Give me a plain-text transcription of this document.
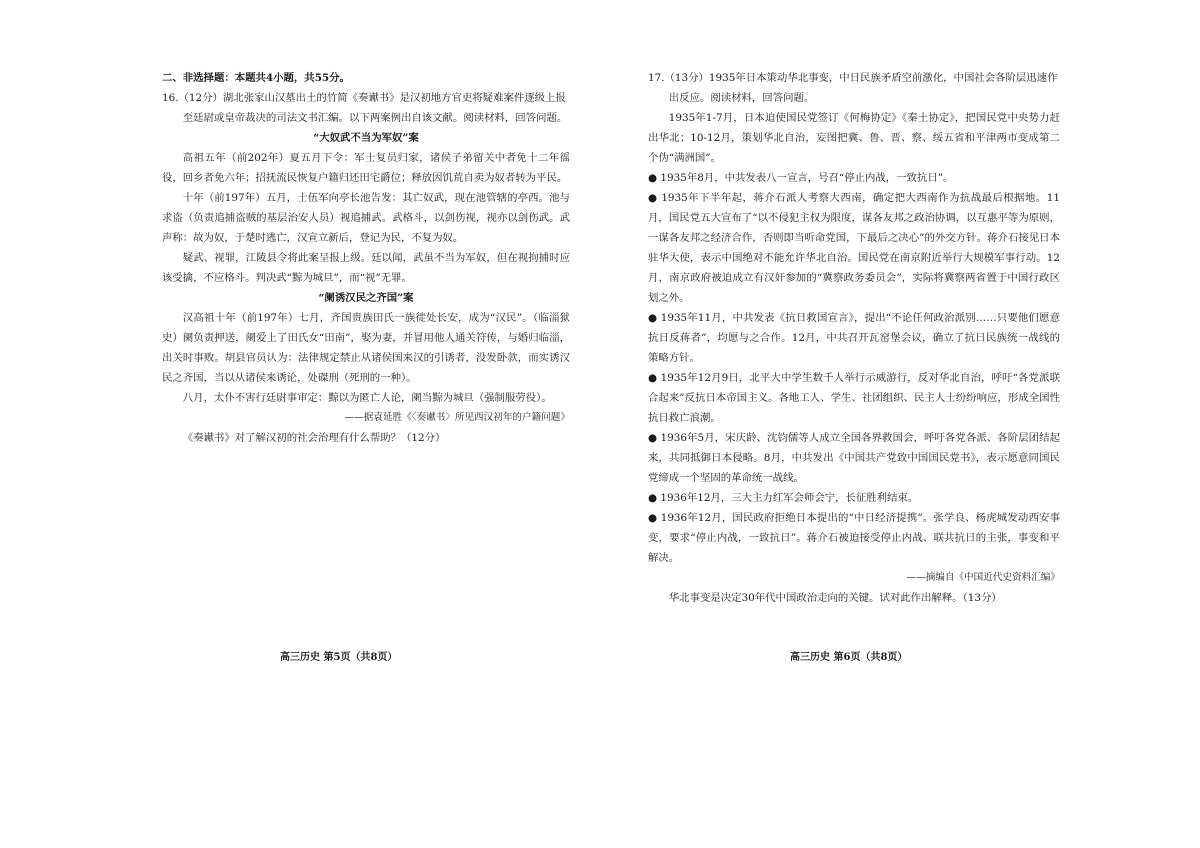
二、非选择题：本题共4小题，共55分。

16.（12分）湖北张家山汉墓出土的竹简《奏谳书》是汉初地方官吏将疑难案件逐级上报至廷尉或皇帝裁决的司法文书汇编。以下两案例出自该文献。阅读材料，回答问题。

“大奴武不当为军奴”案

高祖五年（前202年）夏五月下令：军士复员归家，诸侯子弟留关中者免十二年徭役，回乡者免六年；招抚流民恢复户籍归还田宅爵位；释放因饥荒自卖为奴者转为平民。

十年（前197年）五月，士伍军向亭长池告发：其亡奴武，现在池管辖的亭西。池与求盗（负责追捕盗贼的基层治安人员）视追捕武。武格斗，以剑伤视，视亦以剑伤武。武声称：故为奴，于楚时逃亡，汉宣立新后，登记为民，不复为奴。

疑武、视罪，江陵县令将此案呈报上级。廷以闻，武虽不当为军奴，但在视拘捕时应该受擒，不应格斗。判决武“黥为城旦”，而“视”无罪。

“阑诱汉民之齐国”案

汉高祖十年（前197年）七月，齐国贵族田氏一族徙处长安，成为“汉民”。（临淄狱史）阑负责押送，阑爱上了田氏女“田南”，娶为妻，并冒用他人通关符传，与婚归临淄，出关时事败。胡县官员认为：法律规定禁止从诸侯国来汉的引诱者，没发卧款，而实诱汉民之齐国，当以从诸侯来诱论，处磔刑（死刑的一种）。

八月，太仆不害行廷尉事审定：黥以为匿亡人论，阑当黥为城旦（强制服劳役）。

——据袁延胜《〈奏谳书〉所见西汉初年的户籍问题》

《奏谳书》对了解汉初的社会治理有什么帮助？（12分）

高三历史 第5页（共8页）

17.（13分）1935年日本策动华北事变，中日民族矛盾空前激化，中国社会各阶层迅速作出反应。阅读材料，回答问题。

1935年1-7月，日本迫使国民党签订《何梅协定》《秦土协定》，把国民党中央势力赶出华北；10-12月，策划华北自治，妄图把冀、鲁、晋、察、绥五省和平津两市变成第二个伪“满洲国”。

● 1935年8月，中共发表八一宣言，号召“停止内战，一致抗日”。

● 1935年下半年起，蒋介石派人考察大西南，确定把大西南作为抗战最后根据地。11月，国民党五大宣布了“以不侵犯主权为限度，谋各友邦之政治协调，以互惠平等为原则，一谋各友邦之经济合作，否则即当听命党国，下最后之决心”的外交方针。蒋介石接见日本驻华大使，表示中国绝对不能允许华北自治。国民党在南京附近举行大规模军事行动。12月，南京政府被迫成立有汉奸参加的“冀察政务委员会”，实际将冀察两省置于中国行政区划之外。

● 1935年11月，中共发表《抗日救国宣言》，提出“不论任何政治派别……只要他们愿意抗日反蒋者”，均愿与之合作。12月，中共召开瓦窑堡会议，确立了抗日民族统一战线的策略方针。

● 1935年12月9日，北平大中学生数千人举行示威游行，反对华北自治，呼吁“各党派联合起来”反抗日本帝国主义。各地工人、学生、社团组织、民主人士纷纷响应，形成全国性抗日救亡浪潮。

● 1936年5月，宋庆龄、沈钧儒等人成立全国各界救国会，呼吁各党各派、各阶层团结起来，共同抵御日本侵略。8月，中共发出《中国共产党致中国国民党书》，表示愿意同国民党缔成一个坚固的革命统一战线。

● 1936年12月，三大主力红军会师会宁，长征胜利结束。

● 1936年12月，国民政府拒绝日本提出的“中日经济提携”。张学良、杨虎城发动西安事变，要求“停止内战，一致抗日”。蒋介石被迫接受停止内战、联共抗日的主张，事变和平解决。

——摘编自《中国近代史资料汇编》

华北事变是决定30年代中国政治走向的关键。试对此作出解释。（13分）

高三历史 第6页（共8页）
